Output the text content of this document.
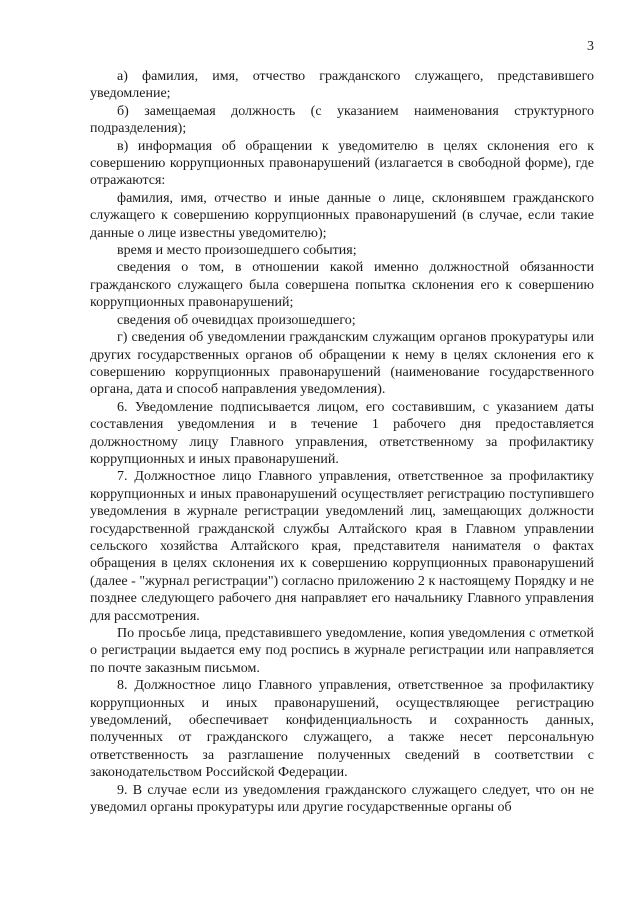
3

а) фамилия, имя, отчество гражданского служащего, представившего уведомление;

б) замещаемая должность (с указанием наименования структурного подразделения);

в) информация об обращении к уведомителю в целях склонения его к совершению коррупционных правонарушений (излагается в свободной форме), где отражаются:

фамилия, имя, отчество и иные данные о лице, склонявшем гражданского служащего к совершению коррупционных правонарушений (в случае, если такие данные о лице известны уведомителю);

время и место произошедшего события;

сведения о том, в отношении какой именно должностной обязанности гражданского служащего была совершена попытка склонения его к совершению коррупционных правонарушений;

сведения об очевидцах произошедшего;

г) сведения об уведомлении гражданским служащим органов прокуратуры или других государственных органов об обращении к нему в целях склонения его к совершению коррупционных правонарушений (наименование государственного органа, дата и способ направления уведомления).

6. Уведомление подписывается лицом, его составившим, с указанием даты составления уведомления и в течение 1 рабочего дня предоставляется должностному лицу Главного управления, ответственному за профилактику коррупционных и иных правонарушений.

7. Должностное лицо Главного управления, ответственное за профилактику коррупционных и иных правонарушений осуществляет регистрацию поступившего уведомления в журнале регистрации уведомлений лиц, замещающих должности государственной гражданской службы Алтайского края в Главном управлении сельского хозяйства Алтайского края, представителя нанимателя о фактах обращения в целях склонения их к совершению коррупционных правонарушений (далее - "журнал регистрации") согласно приложению 2 к настоящему Порядку и не позднее следующего рабочего дня направляет его начальнику Главного управления для рассмотрения.

По просьбе лица, представившего уведомление, копия уведомления с отметкой о регистрации выдается ему под роспись в журнале регистрации или направляется по почте заказным письмом.

8. Должностное лицо Главного управления, ответственное за профилактику коррупционных и иных правонарушений, осуществляющее регистрацию уведомлений, обеспечивает конфиденциальность и сохранность данных, полученных от гражданского служащего, а также несет персональную ответственность за разглашение полученных сведений в соответствии с законодательством Российской Федерации.

9. В случае если из уведомления гражданского служащего следует, что он не уведомил органы прокуратуры или другие государственные органы об
